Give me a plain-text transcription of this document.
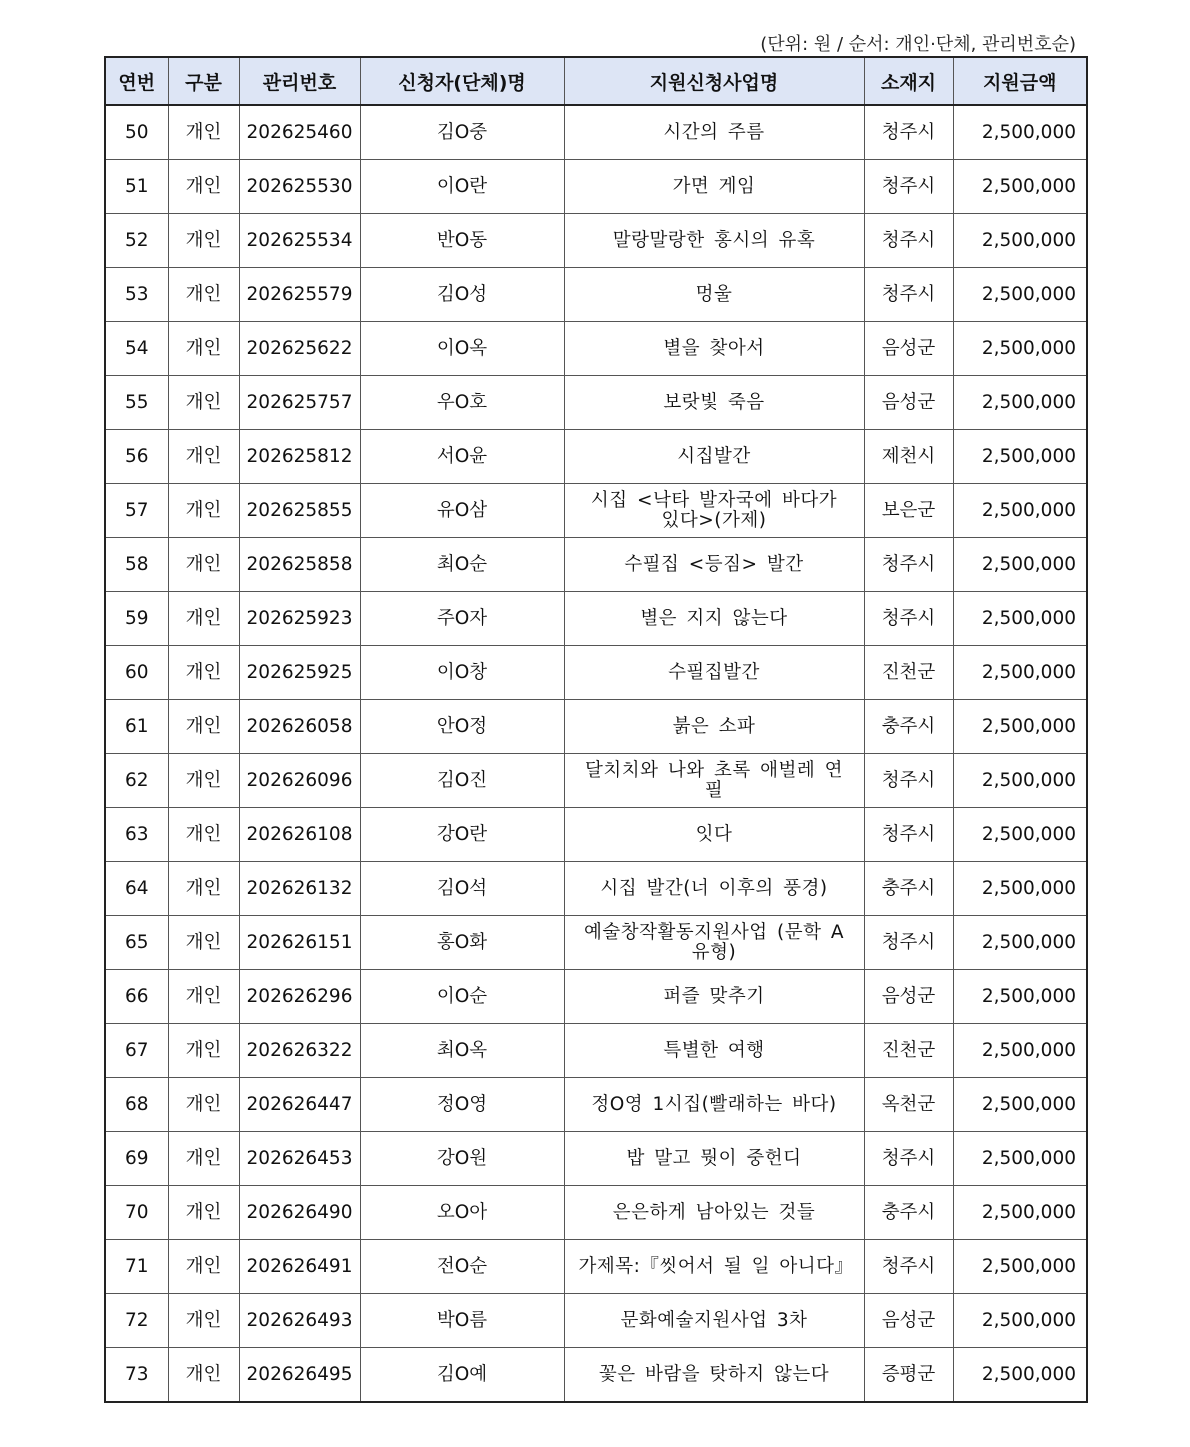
(단위: 원 / 순서: 개인·단체, 관리번호순)
연번	구분	관리번호	신청자(단체)명	지원신청사업명	소재지	지원금액
50	개인	202625460	김O중	시간의 주름	청주시	2,500,000
51	개인	202625530	이O란	가면 게임	청주시	2,500,000
52	개인	202625534	반O동	말랑말랑한 홍시의 유혹	청주시	2,500,000
53	개인	202625579	김O성	멍울	청주시	2,500,000
54	개인	202625622	이O옥	별을 찾아서	음성군	2,500,000
55	개인	202625757	우O호	보랏빛 죽음	음성군	2,500,000
56	개인	202625812	서O윤	시집발간	제천시	2,500,000
57	개인	202625855	유O삼	시집 <낙타 발자국에 바다가 있다>(가제)	보은군	2,500,000
58	개인	202625858	최O순	수필집 <등짐> 발간	청주시	2,500,000
59	개인	202625923	주O자	별은 지지 않는다	청주시	2,500,000
60	개인	202625925	이O창	수필집발간	진천군	2,500,000
61	개인	202626058	안O정	붉은 소파	충주시	2,500,000
62	개인	202626096	김O진	달치치와 나와 초록 애벌레 연필	청주시	2,500,000
63	개인	202626108	강O란	잇다	청주시	2,500,000
64	개인	202626132	김O석	시집 발간(너 이후의 풍경)	충주시	2,500,000
65	개인	202626151	홍O화	예술창작활동지원사업 (문학 A유형)	청주시	2,500,000
66	개인	202626296	이O순	퍼즐 맞추기	음성군	2,500,000
67	개인	202626322	최O옥	특별한 여행	진천군	2,500,000
68	개인	202626447	정O영	정O영 1시집(빨래하는 바다)	옥천군	2,500,000
69	개인	202626453	강O원	밥 말고 뭣이 중헌디	청주시	2,500,000
70	개인	202626490	오O아	은은하게 남아있는 것들	충주시	2,500,000
71	개인	202626491	전O순	가제목:『씻어서 될 일 아니다』	청주시	2,500,000
72	개인	202626493	박O름	문화예술지원사업 3차	음성군	2,500,000
73	개인	202626495	김O예	꽃은 바람을 탓하지 않는다	증평군	2,500,000
